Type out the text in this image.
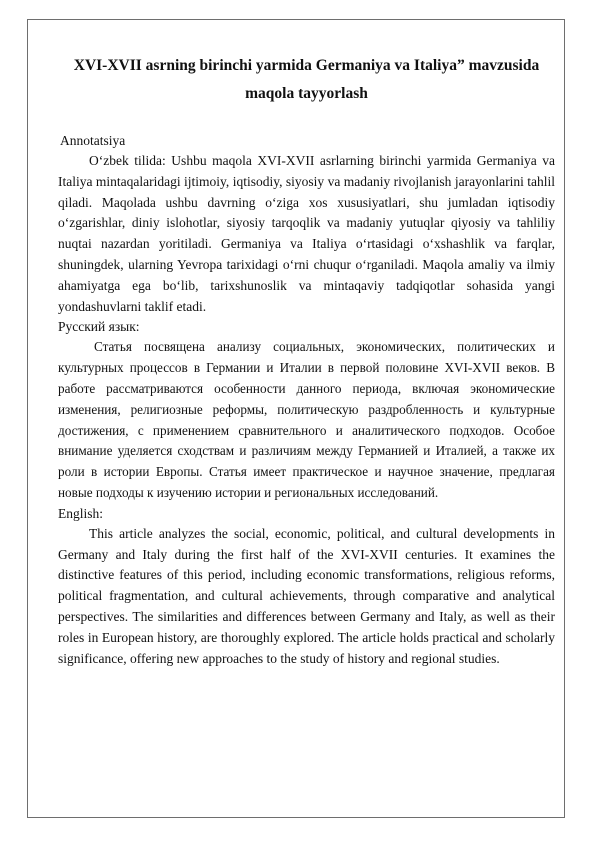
XVI-XVII asrning birinchi yarmida Germaniya va Italiya” mavzusida maqola tayyorlash

Annotatsiya

O‘zbek tilida: Ushbu maqola XVI-XVII asrlarning birinchi yarmida Germaniya va Italiya mintaqalaridagi ijtimoiy, iqtisodiy, siyosiy va madaniy rivojlanish jarayonlarini tahlil qiladi. Maqolada ushbu davrning o‘ziga xos xususiyatlari, shu jumladan iqtisodiy o‘zgarishlar, diniy islohotlar, siyosiy tarqoqlik va madaniy yutuqlar qiyosiy va tahliliy nuqtai nazardan yoritiladi. Germaniya va Italiya o‘rtasidagi o‘xshashlik va farqlar, shuningdek, ularning Yevropa tarixidagi o‘rni chuqur o‘rganiladi. Maqola amaliy va ilmiy ahamiyatga ega bo‘lib, tarixshunoslik va mintaqaviy tadqiqotlar sohasida yangi yondashuvlarni taklif etadi.

Русский язык:

Статья посвящена анализу социальных, экономических, политических и культурных процессов в Германии и Италии в первой половине XVI-XVII веков. В работе рассматриваются особенности данного периода, включая экономические изменения, религиозные реформы, политическую раздробленность и культурные достижения, с применением сравнительного и аналитического подходов. Особое внимание уделяется сходствам и различиям между Германией и Италией, а также их роли в истории Европы. Статья имеет практическое и научное значение, предлагая новые подходы к изучению истории и региональных исследований.

English:

This article analyzes the social, economic, political, and cultural developments in Germany and Italy during the first half of the XVI-XVII centuries. It examines the distinctive features of this period, including economic transformations, religious reforms, political fragmentation, and cultural achievements, through comparative and analytical perspectives. The similarities and differences between Germany and Italy, as well as their roles in European history, are thoroughly explored. The article holds practical and scholarly significance, offering new approaches to the study of history and regional studies.
